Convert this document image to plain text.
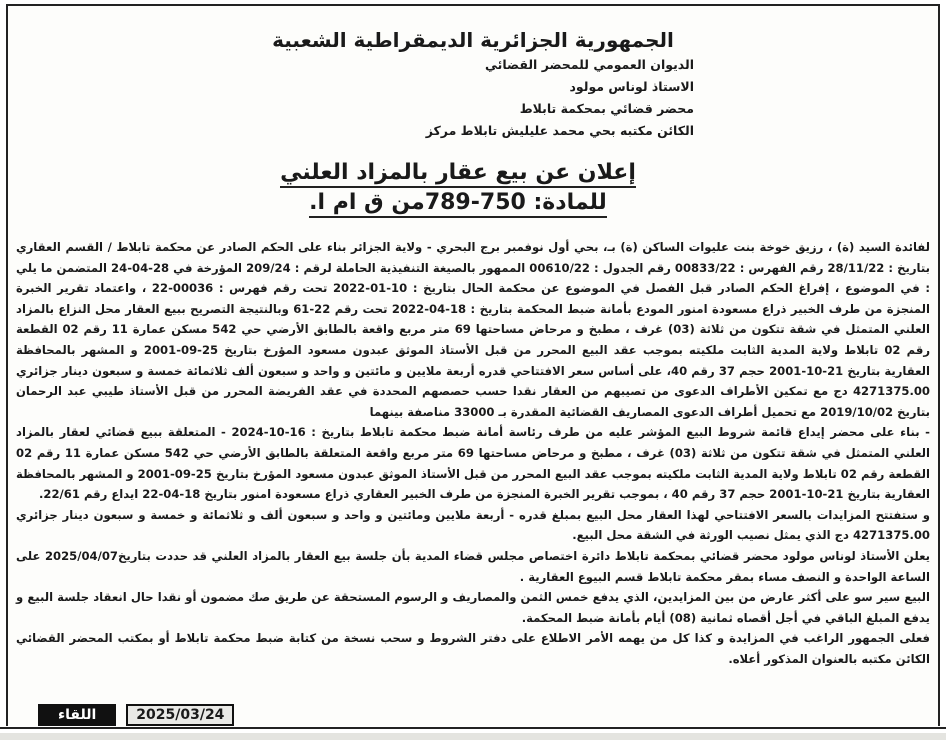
الجمهورية الجزائرية الديمقراطية الشعبية
الديوان العمومي للمحضر القضائي
الاستاذ لوناس مولود
محضر قضائي بمحكمة تابلاط
الكائن مكتبه بحي محمد عليليش تابلاط مركز
إعلان عن بيع عقار بالمزاد العلني
للمادة: 750-789من ق ام ا.

لفائدة السيد (ة) ، رزيق خوخة بنت عليوات الساكن (ة) بـ، بحي أول نوفمبر برج البحري - ولاية الجزائر بناء على الحكم الصادر عن محكمة تابلاط / القسم العقاري بتاريخ : 28/11/22 رقم الفهرس : 00833/22 رقم الجدول : 00610/22 الممهور بالصيغة التنفيذية الحاملة لرقم : 209/24 المؤرخة في 28-04-24 المتضمن ما يلي : في الموضوع ، إفراغ الحكم الصادر قبل الفصل في الموضوع عن محكمة الحال بتاريخ : 10-01-2022 تحت رقم فهرس : 00036-22 ، واعتماد تقرير الخبرة المنجزة من طرف الخبير ذراع مسعودة امنور المودع بأمانة ضبط المحكمة بتاريخ : 18-04-2022 تحت رقم 22-61 وبالنتيجة التصريح ببيع العقار محل النزاع بالمزاد العلني المتمثل في شقة تتكون من ثلاثة (03) غرف ، مطبخ و مرحاض مساحتها 69 متر مربع واقعة بالطابق الأرضي حي 542 مسكن عمارة 11 رقم 02 القطعة رقم 02 تابلاط ولاية المدية الثابت ملكيته بموجب عقد البيع المحرر من قبل الأستاذ الموثق عبدون مسعود المؤرخ بتاريخ 25-09-2001 و المشهر بالمحافظة العقارية بتاريخ 21-10-2001 حجم 37 رقم 40، على أساس سعر الافتتاحي قدره أربعة ملايين و مائتين و واحد و سبعون ألف ثلاثمائة خمسة و سبعون دينار جزائري 4271375.00 دج مع تمكين الأطراف الدعوى من تصيبهم من العقار نقدا حسب حصصهم المحددة في عقد الفريضة المحرر من قبل الأستاذ طيبي عبد الرحمان بتاريخ 2019/10/02 مع تحميل أطراف الدعوى المصاريف القضائية المقدرة بـ 33000 مناصفة بينهما

- بناء على محضر إيداع قائمة شروط البيع المؤشر عليه من طرف رئاسة أمانة ضبط محكمة تابلاط بتاريخ : 16-10-2024 - المتعلقة ببيع قضائي لعقار بالمزاد العلني المتمثل في شقة تتكون من ثلاثة (03) غرف ، مطبخ و مرحاض مساحتها 69 متر مربع واقعة المتعلقة بالطابق الأرضي حي 542 مسكن عمارة 11 رقم 02 القطعة رقم 02 تابلاط ولاية المدية الثابت ملكيته بموجب عقد البيع المحرر من قبل الأستاذ الموثق عبدون مسعود المؤرخ بتاريخ 25-09-2001 و المشهر بالمحافظة العقارية بتاريخ 21-10-2001 حجم 37 رقم 40 ، بموجب تقرير الخبرة المنجزة من طرف الخبير العقاري ذراع مسعودة امنور بتاريخ 18-04-22 ايداع رقم 22/61.

و ستفتتح المزايدات بالسعر الافتتاحي لهذا العقار محل البيع بمبلغ قدره - أربعة ملايين ومائتين و واحد و سبعون ألف و ثلاثمائة و خمسة و سبعون دينار جزائري 4271375.00 دج الذي يمثل نصيب الورثة في الشقة محل البيع.

يعلن الأستاذ لوناس مولود محضر قضائي بمحكمة تابلاط دائرة اختصاص مجلس قضاء المدية بأن جلسة بيع العقار بالمزاد العلني قد حددت بتاريخ2025/04/07 على الساعة الواحدة و النصف مساء بمقر محكمة تابلاط قسم البيوع العقارية .

البيع سير سو على أكثر عارض من بين المزايدين، الذي يدفع خمس الثمن والمصاريف و الرسوم المستحقة عن طريق صك مضمون أو نقدا حال انعقاد جلسة البيع و يدفع المبلغ الباقي في أجل أقصاه ثمانية (08) أيام بأمانة ضبط المحكمة.

فعلى الجمهور الراغب في المزايدة و كذا كل من يهمه الأمر الاطلاع على دفتر الشروط و سحب نسخة من كتابة ضبط محكمة تابلاط أو بمكتب المحضر القضائي الكائن مكتبه بالعنوان المذكور أعلاه.

اللقاء	2025/03/24
